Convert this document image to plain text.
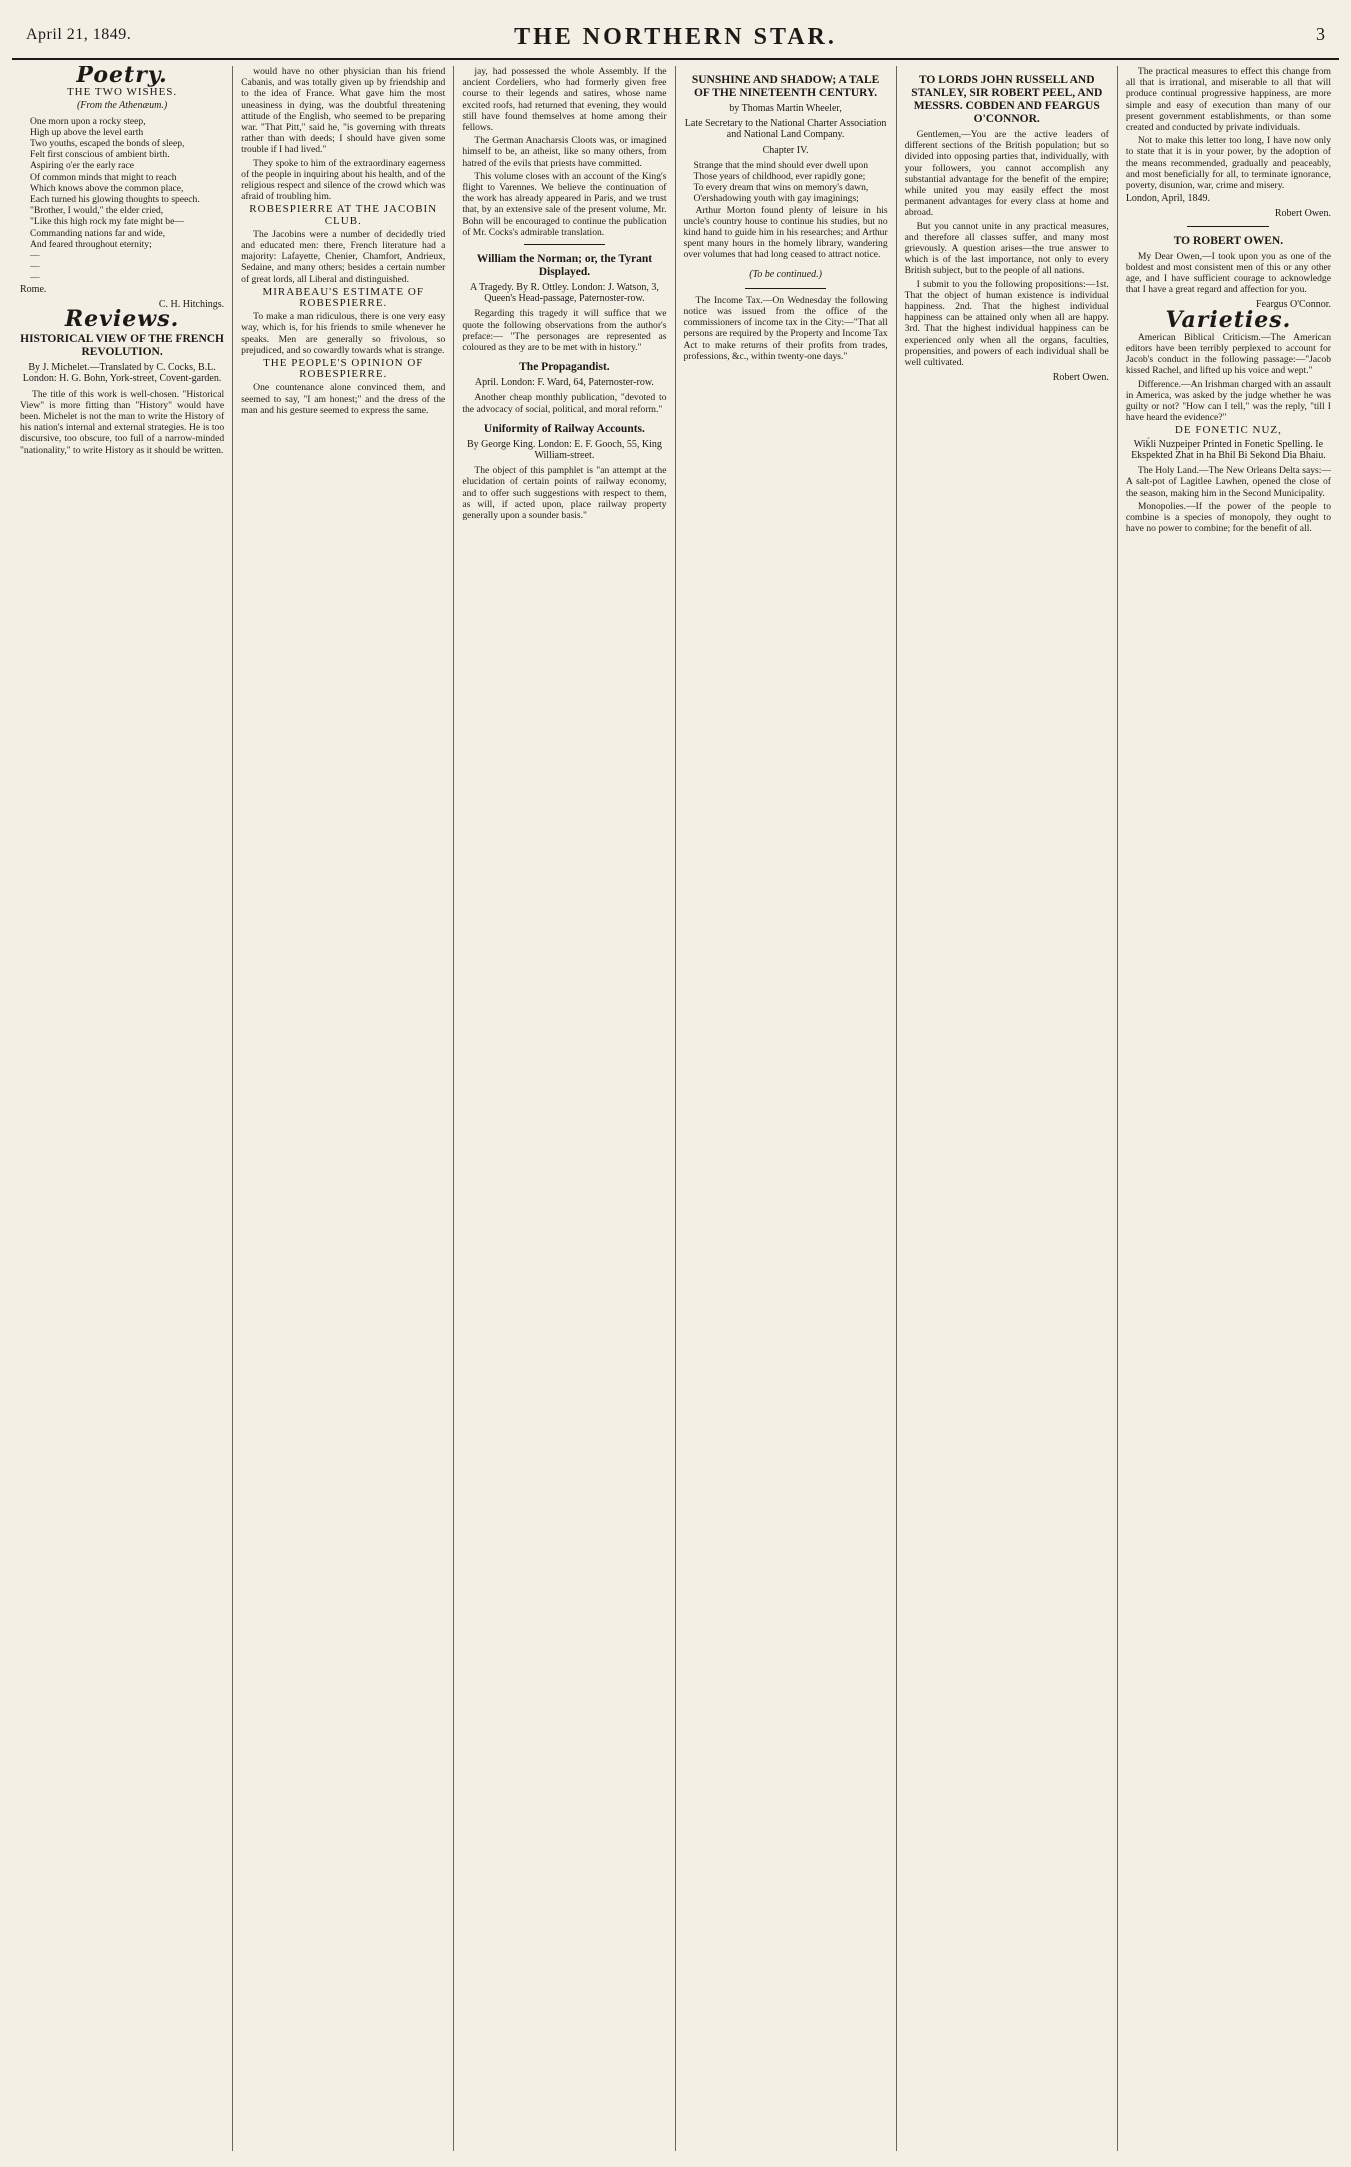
April 21, 1849.	THE NORTHERN STAR.	3
Poetry.
THE TWO WISHES.
(From the Athenæum.)
One morn upon a rocky steep,
High up above the level earth
Two youths, escaped the bonds of sleep,
Felt first conscious of ambient birth.
Aspiring o'er the early race
Of common minds that might to reach
Which knows above the common place,
Each turned his glowing thoughts to speech.
"Brother, I would," the elder cried,
"Like this high rock my fate might be—
Commanding nations far and wide,
And feared throughout eternity;
—
—
—
Rome.
C. H. Hitchings.
Reviews.
HISTORICAL VIEW OF THE FRENCH REVOLUTION.
By J. Michelet.—Translated by C. Cocks, B.L. London: H. G. Bohn, York-street, Covent-garden.

The title of this work is well-chosen. "Historical View" is more fitting than "History" would have been. Michelet is not the man to write the History of his nation's internal and external strategies. He is too discursive, too obscure, too full of a narrow-minded "nationality," to write History as it should be written.

would have no other physician than his friend Cabanis, and was totally given up by friendship and to the idea of France. What gave him the most uneasiness in dying, was the doubtful threatening attitude of the English, who seemed to be preparing war. "That Pitt," said he, "is governing with threats rather than with deeds; I should have given some trouble if I had lived."

They spoke to him of the extraordinary eagerness of the people in inquiring about his health, and of the religious respect and silence of the crowd which was afraid of troubling him.

ROBESPIERRE AT THE JACOBIN CLUB.

The Jacobins were a number of decidedly tried and educated men: there, French literature had a majority: Lafayette, Chenier, Chamfort, Andrieux, Sedaine, and many others; besides a certain number of great lords, all Liberal and distinguished.

MIRABEAU'S ESTIMATE OF ROBESPIERRE.

To make a man ridiculous, there is one very easy way, which is, for his friends to smile whenever he speaks. Men are generally so frivolous, so prejudiced, and so cowardly towards what is strange.

THE PEOPLE'S OPINION OF ROBESPIERRE.

One countenance alone convinced them, and seemed to say, "I am honest;" and the dress of the man and his gesture seemed to express the same.

jay, had possessed the whole Assembly. If the ancient Cordeliers, who had formerly given free course to their legends and satires, whose name excited roofs, had returned that evening, they would still have found themselves at home among their fellows.

The German Anacharsis Cloots was, or imagined himself to be, an atheist, like so many others, from hatred of the evils that priests have committed.

This volume closes with an account of the King's flight to Varennes. We believe the continuation of the work has already appeared in Paris, and we trust that, by an extensive sale of the present volume, Mr. Bohn will be encouraged to continue the publication of Mr. Cocks's admirable translation.

William the Norman; or, the Tyrant Displayed.
A Tragedy. By R. Ottley. London: J. Watson, 3, Queen's Head-passage, Paternoster-row.

Regarding this tragedy it will suffice that we quote the following observations from the author's preface:— "The personages are represented as coloured as they are to be met with in history."

The Propagandist.
April. London: F. Ward, 64, Paternoster-row.

Another cheap monthly publication, "devoted to the advocacy of social, political, and moral reform."

Uniformity of Railway Accounts.
By George King. London: E. F. Gooch, 55, King William-street.

The object of this pamphlet is "an attempt at the elucidation of certain points of railway economy, and to offer such suggestions with respect to them, as will, if acted upon, place railway property generally upon a sounder basis."

SUNSHINE AND SHADOW; A TALE OF THE NINETEENTH CENTURY.
by Thomas Martin Wheeler,
Late Secretary to the National Charter Association and National Land Company.
Chapter IV.
Strange that the mind should ever dwell upon
Those years of childhood, ever rapidly gone;
To every dream that wins on memory's dawn,
O'ershadowing youth with gay imaginings;

Arthur Morton found plenty of leisure in his uncle's country house to continue his studies, but no kind hand to guide him in his researches; and Arthur spent many hours in the homely library, wandering over volumes that had long ceased to attract notice.

(To be continued.)

The Income Tax.—On Wednesday the following notice was issued from the office of the commissioners of income tax in the City:—"That all persons are required by the Property and Income Tax Act to make returns of their profits from trades, professions, &c., within twenty-one days."

TO LORDS JOHN RUSSELL AND STANLEY, SIR ROBERT PEEL, AND MESSRS. COBDEN AND FEARGUS O'CONNOR.

Gentlemen,—You are the active leaders of different sections of the British population; but so divided into opposing parties that, individually, with your followers, you cannot accomplish any substantial advantage for the benefit of the empire; while united you may easily effect the most permanent advantages for every class at home and abroad.

But you cannot unite in any practical measures, and therefore all classes suffer, and many most grievously. A question arises—the true answer to which is of the last importance, not only to every British subject, but to the people of all nations.

I submit to you the following propositions:—1st. That the object of human existence is individual happiness. 2nd. That the highest individual happiness can be attained only when all are happy. 3rd. That the highest individual happiness can be experienced only when all the organs, faculties, propensities, and powers of each individual shall be well cultivated.

Robert Owen.

The practical measures to effect this change from all that is irrational, and miserable to all that will produce continual progressive happiness, are more simple and easy of execution than many of our present government establishments, or than some created and conducted by private individuals.

Not to make this letter too long, I have now only to state that it is in your power, by the adoption of the means recommended, gradually and peaceably, and most beneficially for all, to terminate ignorance, poverty, disunion, war, crime and misery.

London, April, 1849.
Robert Owen.
TO ROBERT OWEN.

My Dear Owen,—I took upon you as one of the boldest and most consistent men of this or any other age, and I have sufficient courage to acknowledge that I have a great regard and affection for you.

Feargus O'Connor.
Varieties.

American Biblical Criticism.—The American editors have been terribly perplexed to account for Jacob's conduct in the following passage:—"Jacob kissed Rachel, and lifted up his voice and wept."

Difference.—An Irishman charged with an assault in America, was asked by the judge whether he was guilty or not? "How can I tell," was the reply, "till I have heard the evidence?"

DE FONETIC NUZ,
Wiḱli Nuzpeiper Printed in Fonetic Spelling. Ie Ekspekted Zhat in ha Bhil Bi Sekond Dia Bhaiu.

The Holy Land.—The New Orleans Delta says:—A salt-pot of Lagitlee Lawhen, opened the close of the season, making him in the Second Municipality.

Monopolies.—If the power of the people to combine is a species of monopoly, they ought to have no power to combine; for the benefit of all.
